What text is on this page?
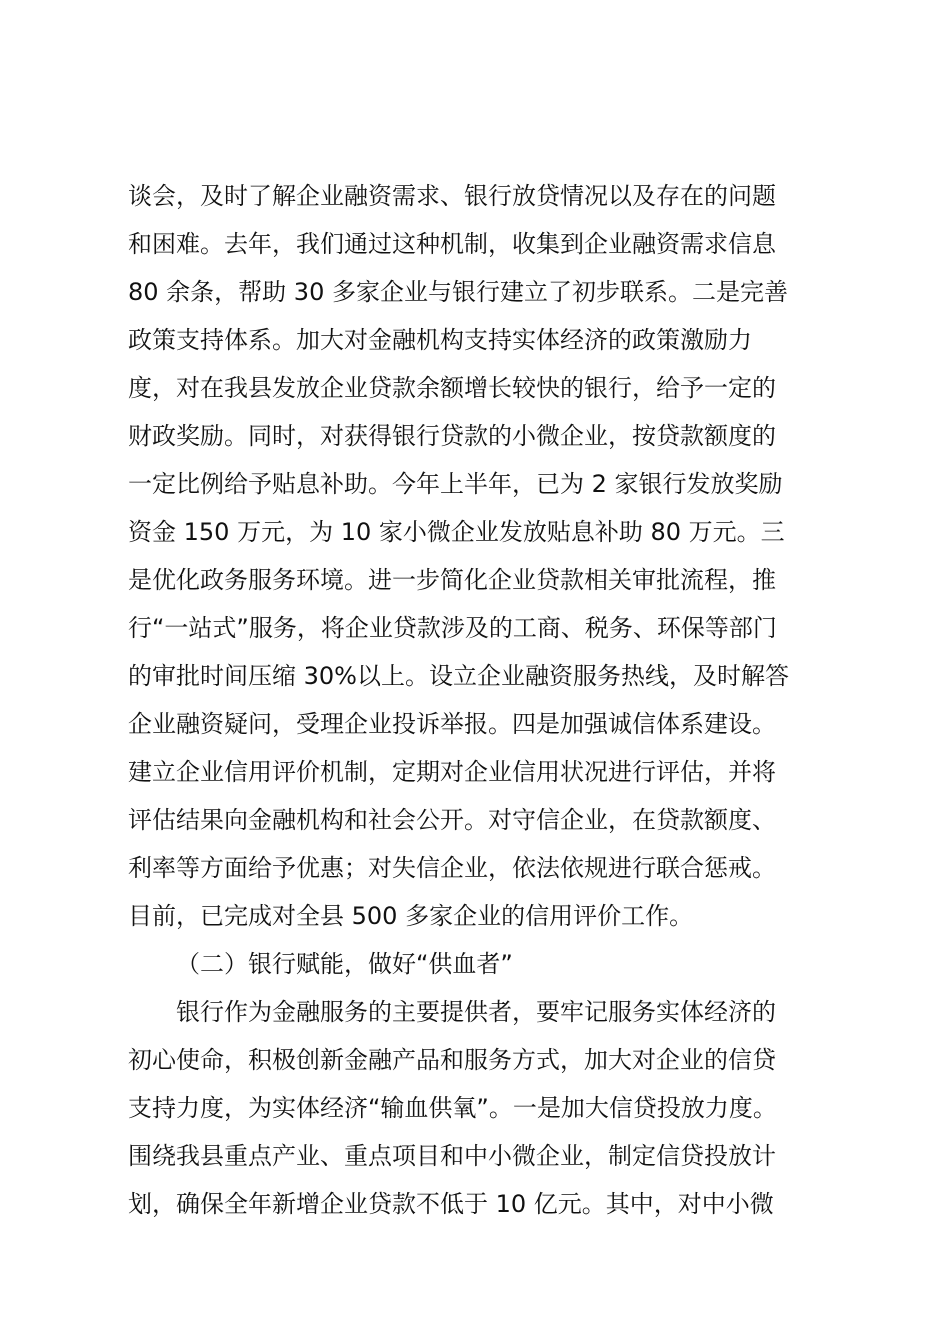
谈会，及时了解企业融资需求、银行放贷情况以及存在的问题
和困难。去年，我们通过这种机制，收集到企业融资需求信息
80 余条，帮助 30 多家企业与银行建立了初步联系。二是完善
政策支持体系。加大对金融机构支持实体经济的政策激励力
度，对在我县发放企业贷款余额增长较快的银行，给予一定的
财政奖励。同时，对获得银行贷款的小微企业，按贷款额度的
一定比例给予贴息补助。今年上半年，已为 2 家银行发放奖励
资金 150 万元，为 10 家小微企业发放贴息补助 80 万元。三
是优化政务服务环境。进一步简化企业贷款相关审批流程，推
行“一站式”服务，将企业贷款涉及的工商、税务、环保等部门
的审批时间压缩 30%以上。设立企业融资服务热线，及时解答
企业融资疑问，受理企业投诉举报。四是加强诚信体系建设。
建立企业信用评价机制，定期对企业信用状况进行评估，并将
评估结果向金融机构和社会公开。对守信企业，在贷款额度、
利率等方面给予优惠；对失信企业，依法依规进行联合惩戒。
目前，已完成对全县 500 多家企业的信用评价工作。
（二）银行赋能，做好“供血者”
银行作为金融服务的主要提供者，要牢记服务实体经济的
初心使命，积极创新金融产品和服务方式，加大对企业的信贷
支持力度，为实体经济“输血供氧”。一是加大信贷投放力度。
围绕我县重点产业、重点项目和中小微企业，制定信贷投放计
划，确保全年新增企业贷款不低于 10 亿元。其中，对中小微
